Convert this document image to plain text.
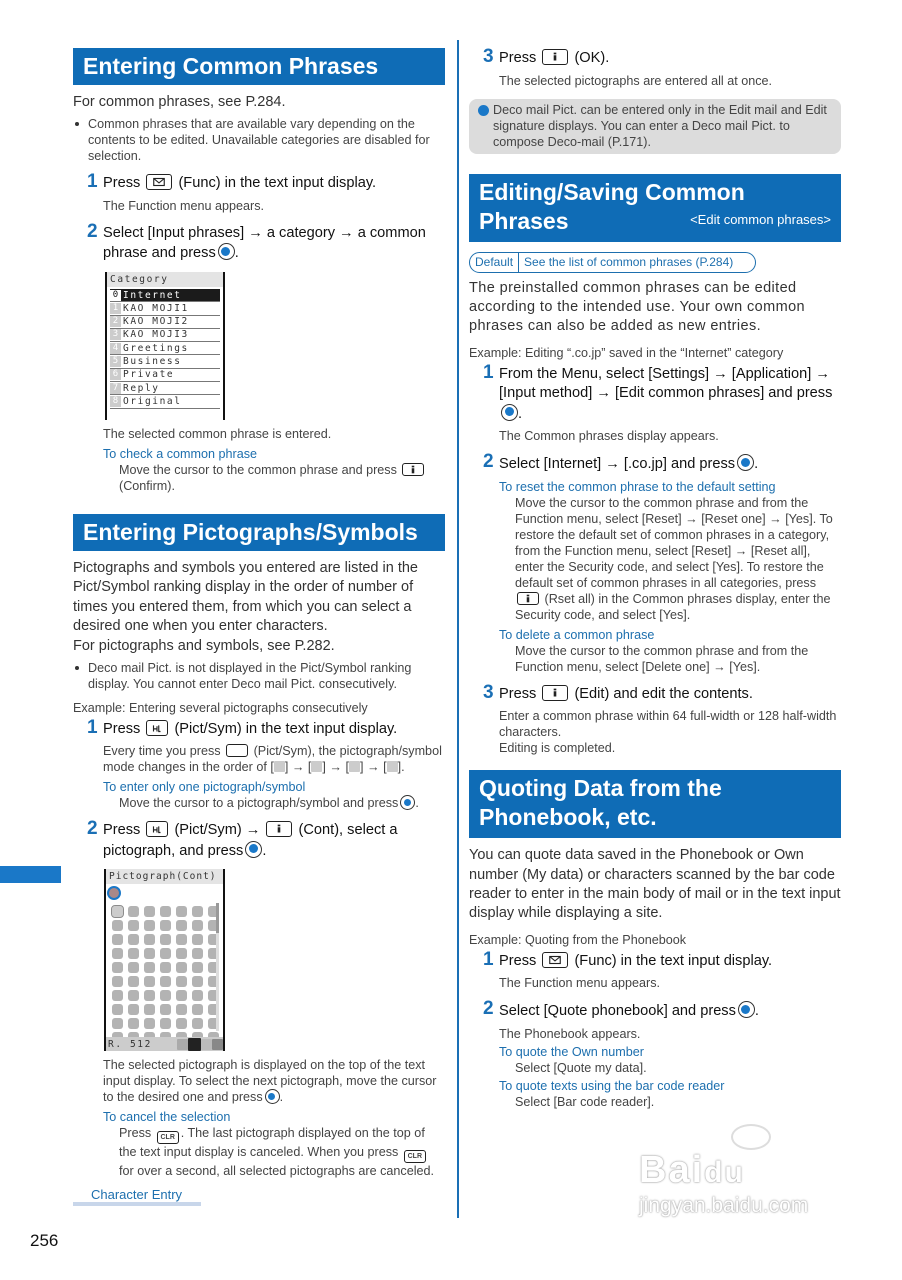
256
Entering Common Phrases
For common phrases, see P.284.
Common phrases that are available vary depending on the contents to be edited. Unavailable categories are disabled for selection.
1 Press	(Func) in the text input display.
The Function menu appears.
2 Select [Input phrases] → a category → a common phrase and press .
Category
0 Internet
1 KAO MOJI1
2 KAO MOJI2
3 KAO MOJI3
4 Greetings
5 Business
6 Private
7 Reply
8 Original
The selected common phrase is entered.
To check a common phrase
Move the cursor to the common phrase and press
(Confirm).
Entering Pictographs/Symbols
Pictographs and symbols you entered are listed in the Pict/Symbol ranking display in the order of number of times you entered them, from which you can select a desired one when you enter characters.
For pictographs and symbols, see P.282.
Deco mail Pict. is not displayed in the Pict/Symbol ranking display. You cannot enter Deco mail Pict. consecutively.
Example: Entering several pictographs consecutively
1 Press (Pict/Sym) in the text input display.
Every time you press	(Pict/Sym), the pictograph/symbol mode changes in the order of [ ] → [ ] → [ ] → [ ].
To enter only one pictograph/symbol
Move the cursor to a pictograph/symbol and press .
2 Press (Pict/Sym) →	(Cont), select a pictograph, and press .
Pictograph(Cont)
R. 512
The selected pictograph is displayed on the top of the text input display. To select the next pictograph, move the cursor to the desired one and press .
To cancel the selection
Press CLR . The last pictograph displayed on the top of the text input display is canceled. When you press CLR for over a second, all selected pictographs are canceled.
Character Entry
3 Press	(OK).
The selected pictographs are entered all at once.
Deco mail Pict. can be entered only in the Edit mail and Edit signature displays. You can enter a Deco mail Pict. to compose Deco-mail (P.171).
Editing/Saving Common Phrases	<Edit common phrases>
Default See the list of common phrases (P.284)
The preinstalled common phrases can be edited according to the intended use. Your own common phrases can also be added as new entries.
Example: Editing “.co.jp” saved in the “Internet” category
1 From the Menu, select [Settings] → [Application] → [Input method] → [Edit common phrases] and press.
The Common phrases display appears.
2 Select [Internet] → [.co.jp] and press .
To reset the common phrase to the default setting
Move the cursor to the common phrase and from the Function menu, select [Reset] → [Reset one] → [Yes]. To restore the default set of common phrases in a category, from the Function menu, select [Reset] → [Reset all], enter the Security code, and select [Yes]. To restore the default set of common phrases in all categories, press
(Rset all) in the Common phrases display, enter the Security code, and select [Yes].
To delete a common phrase
Move the cursor to the common phrase and from the Function menu, select [Delete one] → [Yes].
3 Press	(Edit) and edit the contents.
Enter a common phrase within 64 full-width or 128 half-width characters.
Editing is completed.
Quoting Data from the Phonebook, etc.
You can quote data saved in the Phonebook or Own number (My data) or characters scanned by the bar code reader to enter in the main body of mail or in the text input display while displaying a site.
Example: Quoting from the Phonebook
1 Press	(Func) in the text input display.
The Function menu appears.
2 Select [Quote phonebook] and press .
The Phonebook appears.
To quote the Own number
Select [Quote my data].
To quote texts using the bar code reader
Select [Bar code reader].
Baidu
jingyan.baidu.com
